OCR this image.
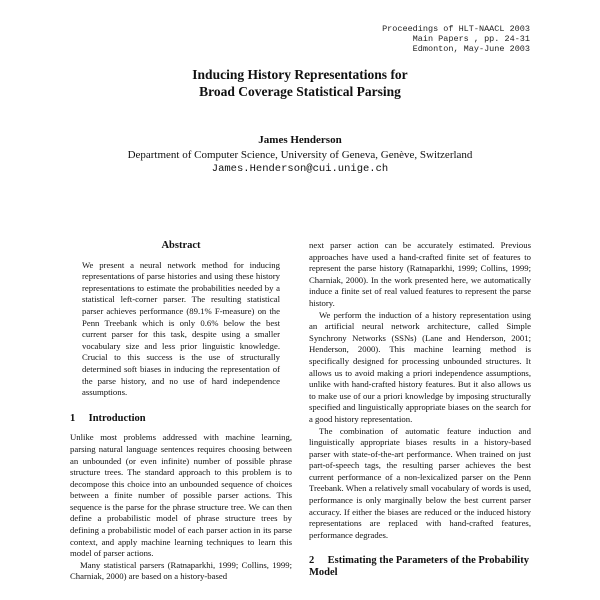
Proceedings of HLT-NAACL 2003
Main Papers , pp. 24-31
Edmonton, May-June 2003
Inducing History Representations for
Broad Coverage Statistical Parsing
James Henderson
Department of Computer Science, University of Geneva, Genève, Switzerland
James.Henderson@cui.unige.ch
Abstract

We present a neural network method for inducing representations of parse histories and using these history representations to estimate the probabilities needed by a statistical left-corner parser. The resulting statistical parser achieves performance (89.1% F-measure) on the Penn Treebank which is only 0.6% below the best current parser for this task, despite using a smaller vocabulary size and less prior linguistic knowledge. Crucial to this success is the use of structurally determined soft biases in inducing the representation of the parse history, and no use of hard independence assumptions.

1 Introduction

Unlike most problems addressed with machine learning, parsing natural language sentences requires choosing between an unbounded (or even infinite) number of possible phrase structure trees. The standard approach to this problem is to decompose this choice into an unbounded sequence of choices between a finite number of possible parser actions. This sequence is the parse for the phrase structure tree. We can then define a probabilistic model of phrase structure trees by defining a probabilistic model of each parser action in its parse context, and apply machine learning techniques to learn this model of parser actions.

Many statistical parsers (Ratnaparkhi, 1999; Collins, 1999; Charniak, 2000) are based on a history-based

next parser action can be accurately estimated. Previous approaches have used a hand-crafted finite set of features to represent the parse history (Ratnaparkhi, 1999; Collins, 1999; Charniak, 2000). In the work presented here, we automatically induce a finite set of real valued features to represent the parse history.

We perform the induction of a history representation using an artificial neural network architecture, called Simple Synchrony Networks (SSNs) (Lane and Henderson, 2001; Henderson, 2000). This machine learning method is specifically designed for processing unbounded structures. It allows us to avoid making a priori independence assumptions, unlike with hand-crafted history features. But it also allows us to make use of our a priori knowledge by imposing structurally specified and linguistically appropriate biases on the search for a good history representation.

The combination of automatic feature induction and linguistically appropriate biases results in a history-based parser with state-of-the-art performance. When trained on just part-of-speech tags, the resulting parser achieves the best current performance of a non-lexicalized parser on the Penn Treebank. When a relatively small vocabulary of words is used, performance is only marginally below the best current parser accuracy. If either the biases are reduced or the induced history representations are replaced with hand-crafted features, performance degrades.

2 Estimating the Parameters of the Probability Model
